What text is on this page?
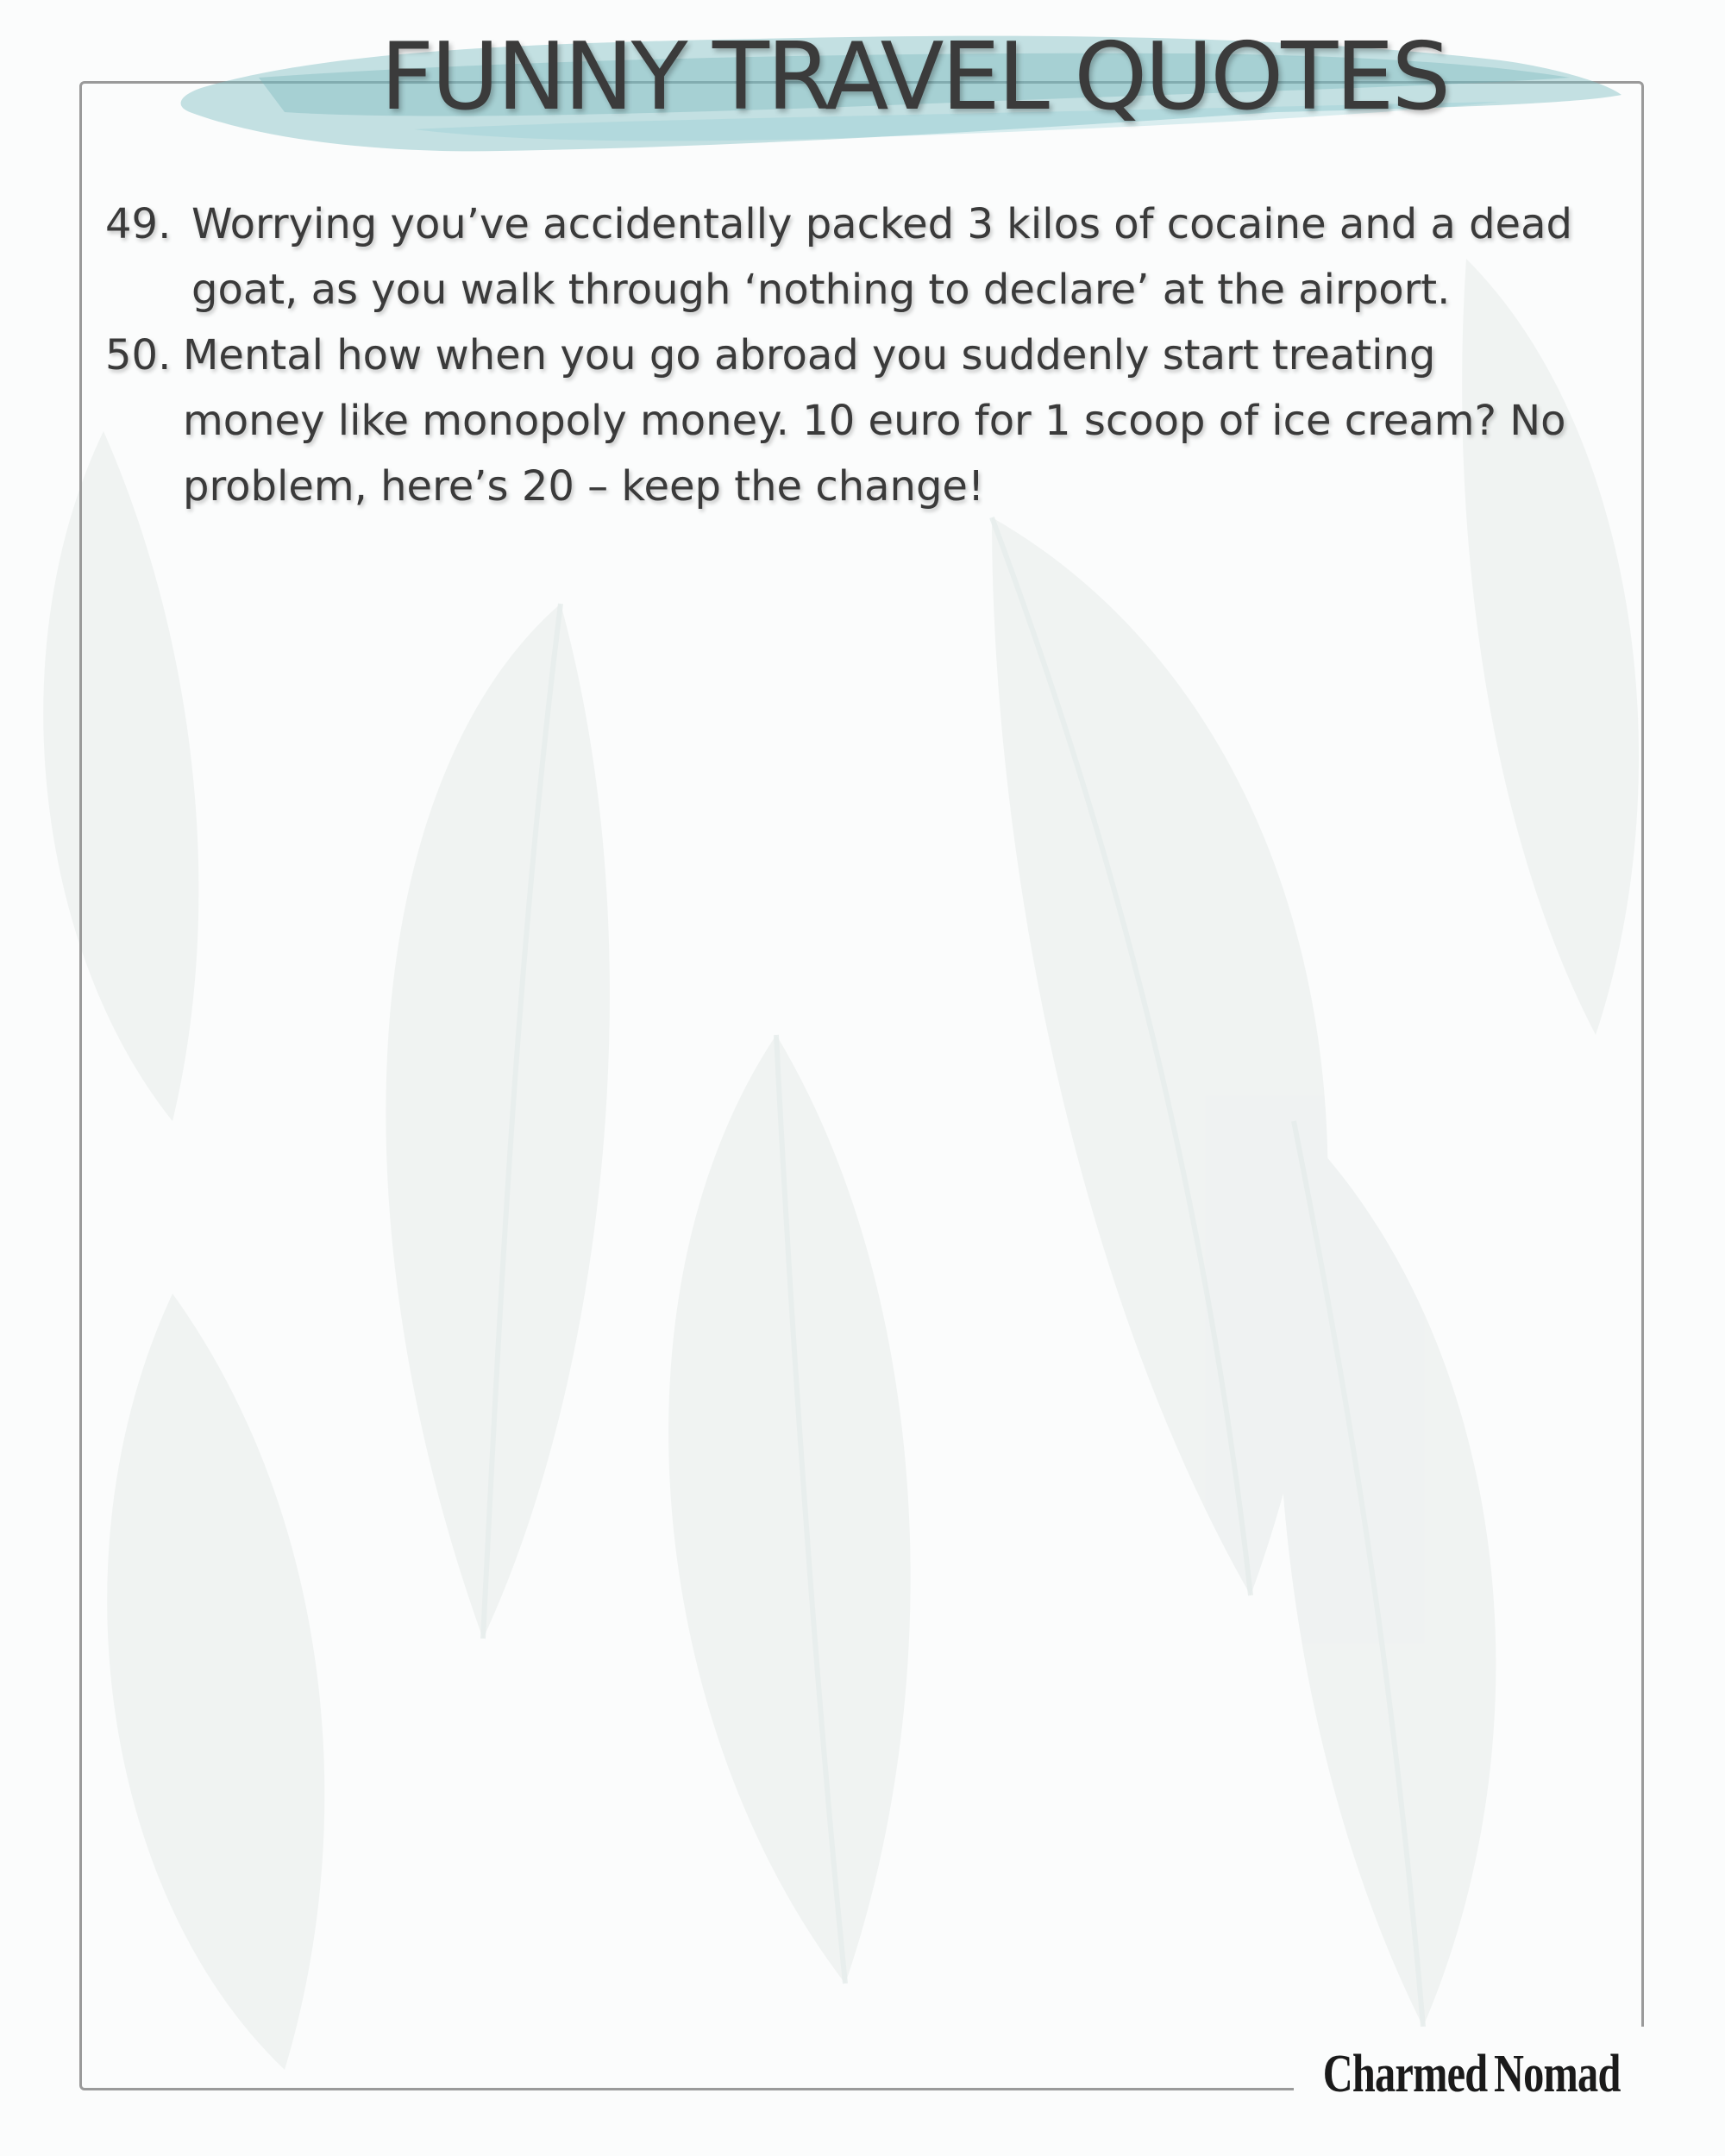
FUNNY TRAVEL QUOTES
49. Worrying you’ve accidentally packed 3 kilos of cocaine and a dead goat, as you walk through ‘nothing to declare’ at the airport.
50. Mental how when you go abroad you suddenly start treating money like monopoly money. 10 euro for 1 scoop of ice cream? No problem, here’s 20 – keep the change!
Charmed Nomad
